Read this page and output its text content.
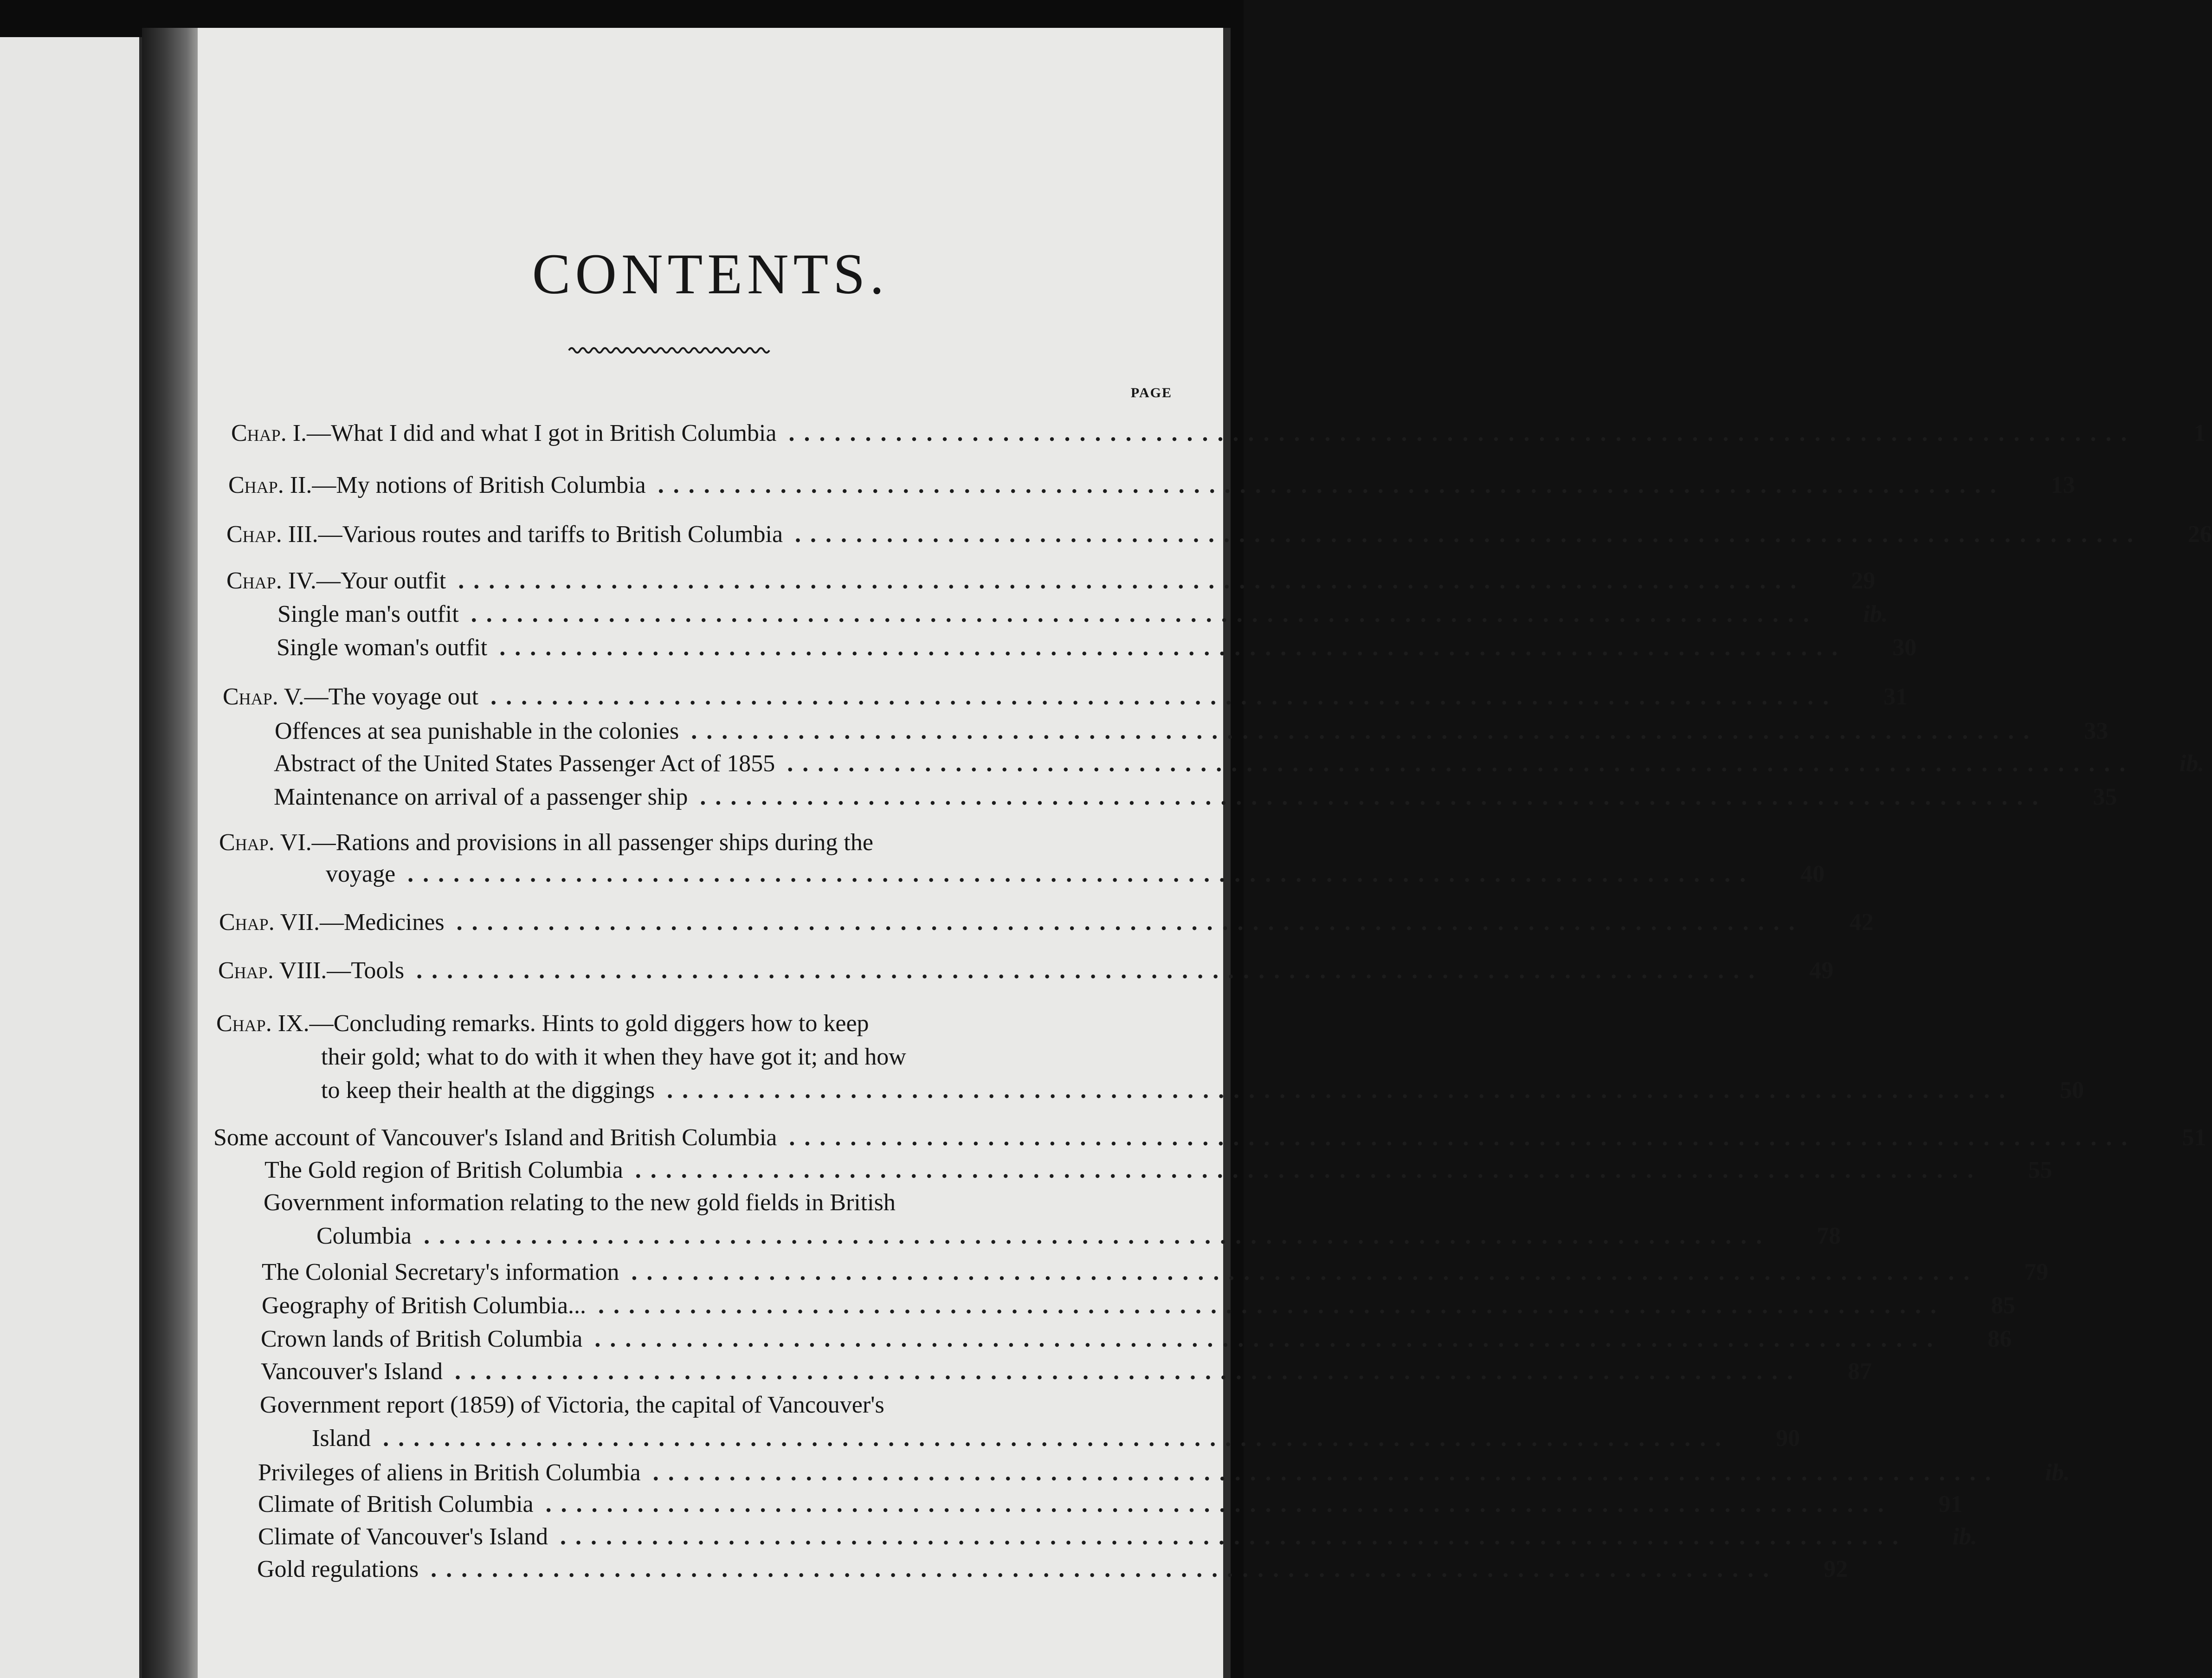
CONTENTS.
PAGE
Chap. I.—What I did and what I got in British Columbia ........................................................................................	1
Chap. II.—My notions of British Columbia ........................................................................................	13
Chap. III.—Various routes and tariffs to British Columbia ........................................................................................	26
Chap. IV.—Your outfit ........................................................................................	29
Single man's outfit ........................................................................................	ib.
Single woman's outfit ........................................................................................	30
Chap. V.—The voyage out ........................................................................................	31
Offences at sea punishable in the colonies ........................................................................................	33
Abstract of the United States Passenger Act of 1855 ........................................................................................	ib.
Maintenance on arrival of a passenger ship ........................................................................................	35
Chap. VI.—Rations and provisions in all passenger ships during the
voyage ........................................................................................	40
Chap. VII.—Medicines ........................................................................................	42
Chap. VIII.—Tools ........................................................................................	49
Chap. IX.—Concluding remarks. Hints to gold diggers how to keep
their gold; what to do with it when they have got it; and how
to keep their health at the diggings ........................................................................................	50
Some account of Vancouver's Island and British Columbia ........................................................................................	51
The Gold region of British Columbia ........................................................................................	55
Government information relating to the new gold fields in British
Columbia ........................................................................................	78
The Colonial Secretary's information ........................................................................................	79
Geography of British Columbia... ........................................................................................	85
Crown lands of British Columbia ........................................................................................	86
Vancouver's Island ........................................................................................	87
Government report (1859) of Victoria, the capital of Vancouver's
Island ........................................................................................	90
Privileges of aliens in British Columbia ........................................................................................	ib.
Climate of British Columbia ........................................................................................	91
Climate of Vancouver's Island ........................................................................................	ib.
Gold regulations ........................................................................................	92
